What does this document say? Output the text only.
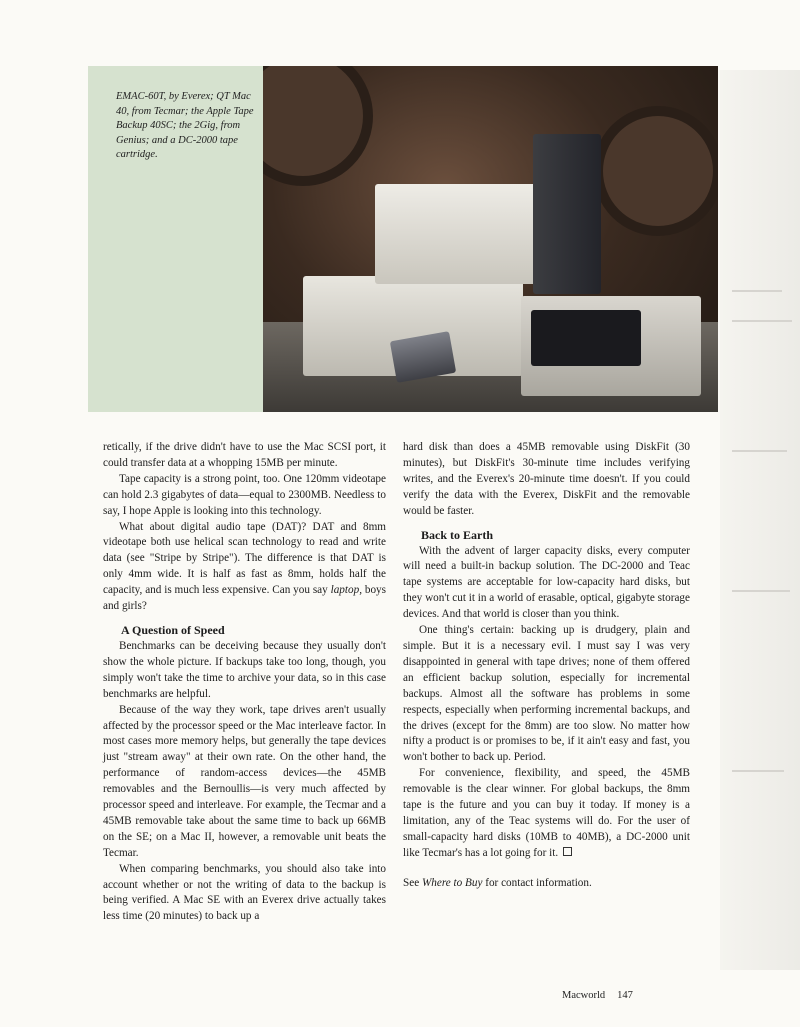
EMAC-60T, by Everex; QT Mac 40, from Tecmar; the Apple Tape Backup 40SC; the 2Gig, from Genius; and a DC-2000 tape cartridge.

retically, if the drive didn't have to use the Mac SCSI port, it could transfer data at a whopping 15MB per minute.

Tape capacity is a strong point, too. One 120mm videotape can hold 2.3 gigabytes of data—equal to 2300MB. Needless to say, I hope Apple is looking into this technology.

What about digital audio tape (DAT)? DAT and 8mm videotape both use helical scan technology to read and write data (see "Stripe by Stripe"). The difference is that DAT is only 4mm wide. It is half as fast as 8mm, holds half the capacity, and is much less expensive. Can you say laptop, boys and girls?

A Question of Speed

Benchmarks can be deceiving because they usually don't show the whole picture. If backups take too long, though, you simply won't take the time to archive your data, so in this case benchmarks are helpful.

Because of the way they work, tape drives aren't usually affected by the processor speed or the Mac interleave factor. In most cases more memory helps, but generally the tape devices just "stream away" at their own rate. On the other hand, the performance of random-access devices—the 45MB removables and the Bernoullis—is very much affected by processor speed and interleave. For example, the Tecmar and a 45MB removable take about the same time to back up 66MB on the SE; on a Mac II, however, a removable unit beats the Tecmar.

When comparing benchmarks, you should also take into account whether or not the writing of data to the backup is being verified. A Mac SE with an Everex drive actually takes less time (20 minutes) to back up a

hard disk than does a 45MB removable using DiskFit (30 minutes), but DiskFit's 30-minute time includes verifying writes, and the Everex's 20-minute time doesn't. If you could verify the data with the Everex, DiskFit and the removable would be faster.

Back to Earth

With the advent of larger capacity disks, every computer will need a built-in backup solution. The DC-2000 and Teac tape systems are acceptable for low-capacity hard disks, but they won't cut it in a world of erasable, optical, gigabyte storage devices. And that world is closer than you think.

One thing's certain: backing up is drudgery, plain and simple. But it is a necessary evil. I must say I was very disappointed in general with tape drives; none of them offered an efficient backup solution, especially for incremental backups. Almost all the software has problems in some respects, especially when performing incremental backups, and the drives (except for the 8mm) are too slow. No matter how nifty a product is or promises to be, if it ain't easy and fast, you won't bother to back up. Period.

For convenience, flexibility, and speed, the 45MB removable is the clear winner. For global backups, the 8mm tape is the future and you can buy it today. If money is a limitation, any of the Teac systems will do. For the user of small-capacity hard disks (10MB to 40MB), a DC-2000 unit like Tecmar's has a lot going for it.

See Where to Buy for contact information.

Macworld 147
